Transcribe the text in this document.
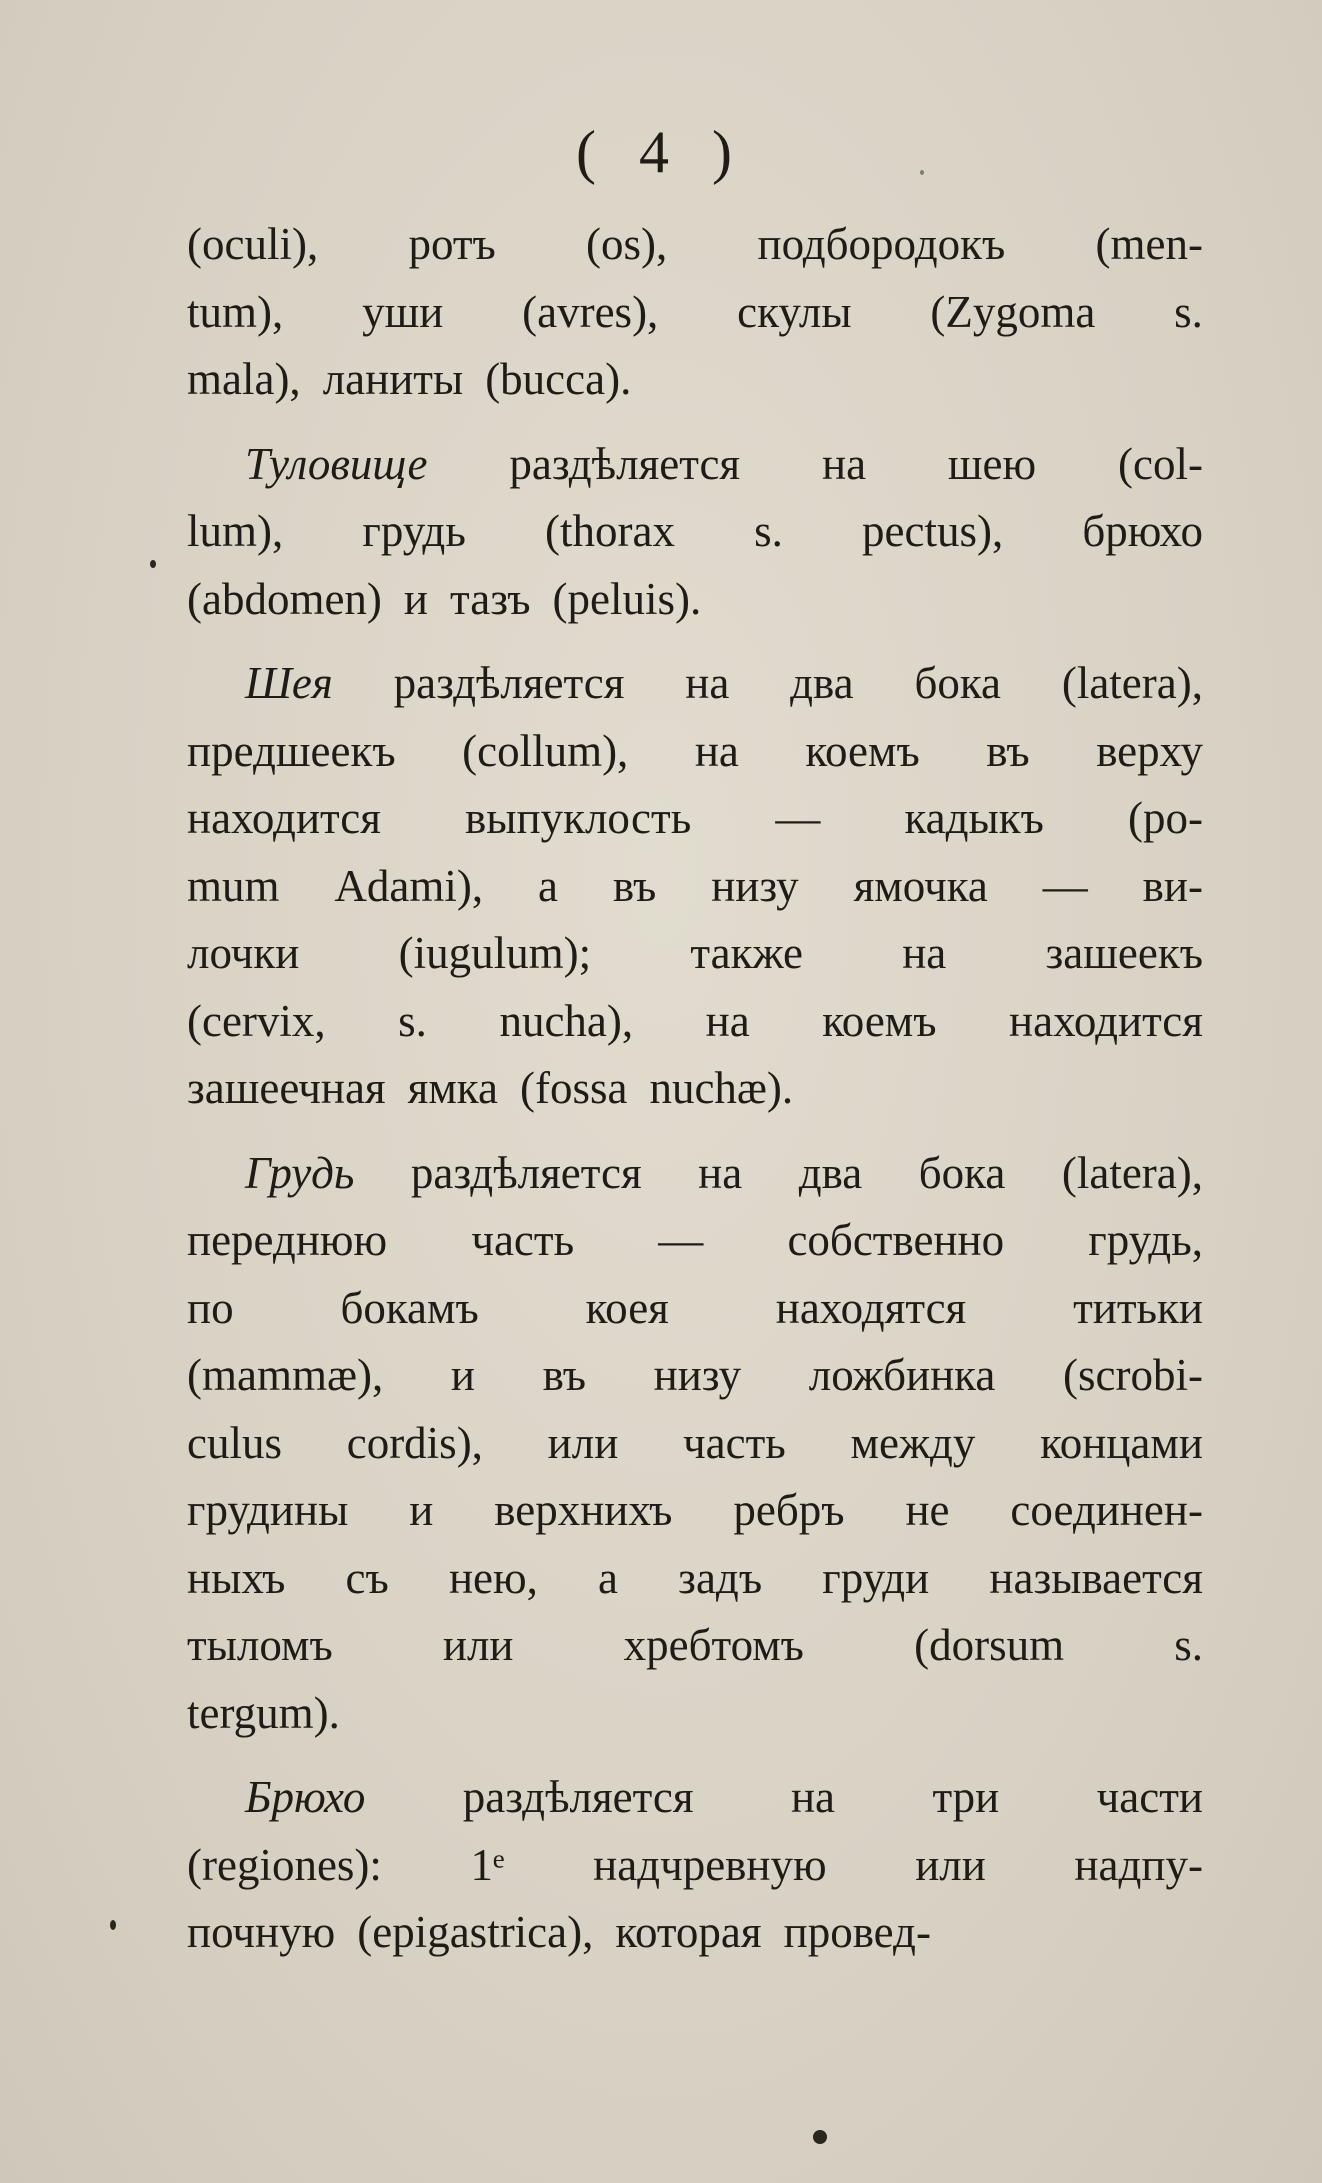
( 4 )
(oculi), ротъ (os), подбородокъ (men-
tum), уши (avres), скулы (Zygoma s.
mala), ланиты (bucca).
Туловище раздѣляется на шею (col-
lum), грудь (thorax s. pectus), брюхо
(abdomen) и тазъ (peluis).
Шея раздѣляется на два бока (latera),
предшеекъ (collum), на коемъ въ верху
находится выпуклость — кадыкъ (po-
mum Adami), а въ низу ямочка — ви-
лочки (iugulum); также на зашеекъ
(cervix, s. nucha), на коемъ находится
зашеечная ямка (fossa nuchæ).
Грудь раздѣляется на два бока (latera),
переднюю часть — собственно грудь,
по бокамъ коея находятся титьки
(mammæ), и въ низу ложбинка (scrobi-
culus cordis), или часть между концами
грудины и верхнихъ ребръ не соединен-
ныхъ съ нею, а задъ груди называется
тыломъ или хребтомъ (dorsum s.
tergum).
Брюхо раздѣляется на три части
(regiones): 1ᵉ надчревную или надпу-
почную (epigastrica), которая провед-
